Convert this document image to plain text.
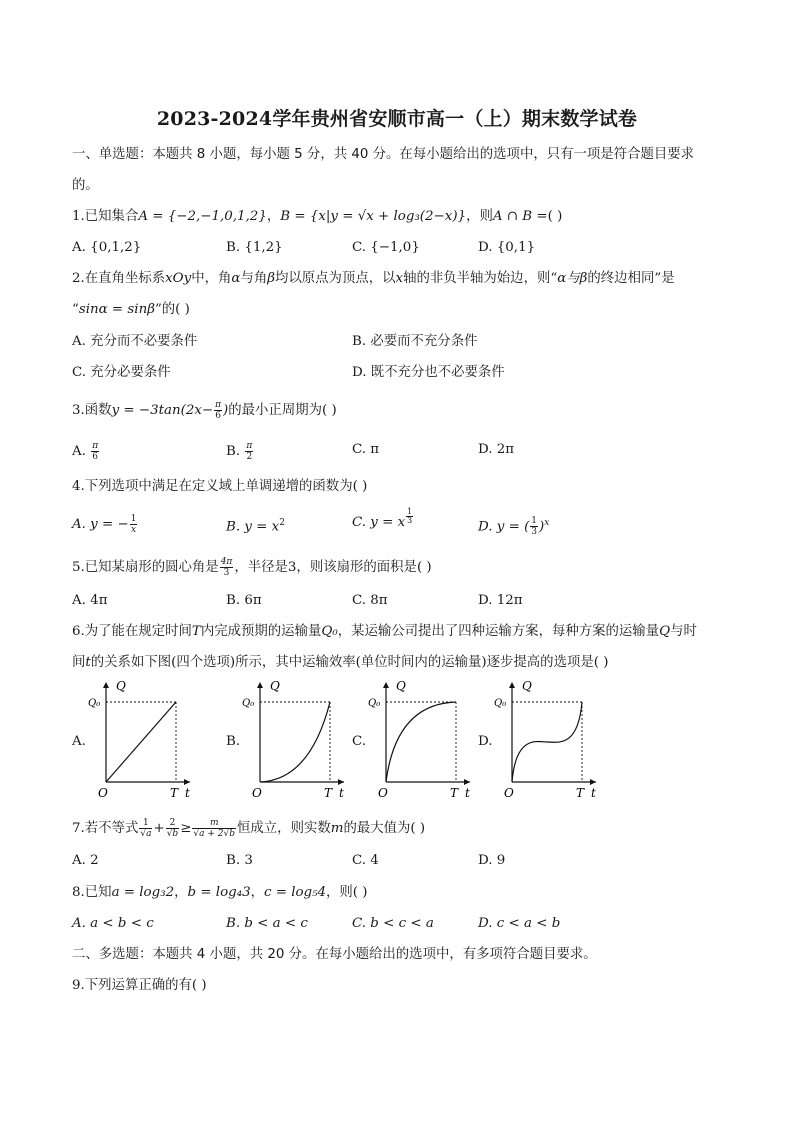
2023-2024学年贵州省安顺市高一（上）期末数学试卷
一、单选题：本题共 8 小题，每小题 5 分，共 40 分。在每小题给出的选项中，只有一项是符合题目要求
的。
1.已知集合A = {−2,−1,0,1,2}，B = {x|y = √x + log₃(2−x)}，则A ∩ B =( )
A. {0,1,2}	B. {1,2}	C. {−1,0}	D. {0,1}
2.在直角坐标系xOy中，角α与角β均以原点为顶点，以x轴的非负半轴为始边，则“α与β的终边相同”是
“sinα = sinβ”的( )
A. 充分而不必要条件	B. 必要而不充分条件
C. 充分必要条件	D. 既不充分也不必要条件
3.函数$y = -3\tan(2x- \frac{\pi}{6}$ )的最小正周期为( )
A. $\frac{\pi}{6}$	B. $\frac{\pi}{2}$	C. π	D. 2π
4.下列选项中满足在定义域上单调递增的函数为( )
A. y = − $\frac{1}{x}$	B. $y = x^2$	C. y = x $\frac{1}{3}$
D. y = ( $\frac{1}{3} )^x$
5.已知某扇形的圆心角是 $\frac{4\pi}{3}$ ，半径是3，则该扇形的面积是( )
A. 4π	B. 6π	C. 8π	D. 12π
6.为了能在规定时间T内完成预期的运输量Q₀，某运输公司提出了四种运输方案，每种方案的运输量Q与时
间t的关系如下图(四个选项)所示，其中运输效率(单位时间内的运输量)逐步提高的选项是( )
A.	B.	C.	D.
Q
Q₀
O	T t
Q
Q₀
O	T t
Q
Q₀
O	T t
Q
Q₀
O	T t
7.若不等式 $\frac{1}{√a} + \frac{2}{√b} \ge \frac{m}{√a + 2√b}$ 恒成立，则实数m的最大值为( )
A. 2	B. 3	C. 4	D. 9
8.已知a = log₃2，b = log₄3，c = log₅4，则( )
A. a < b < c	B. b < a < c	C. b < c < a	D. c < a < b
二、多选题：本题共 4 小题，共 20 分。在每小题给出的选项中，有多项符合题目要求。
9.下列运算正确的有( )
